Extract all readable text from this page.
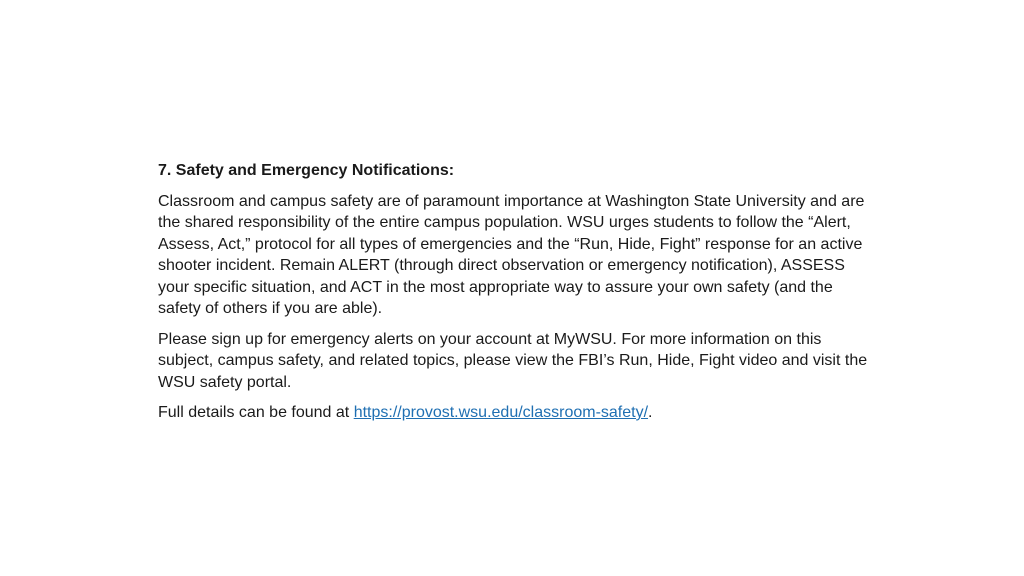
7. Safety and Emergency Notifications:

Classroom and campus safety are of paramount importance at Washington State University and are the shared responsibility of the entire campus population. WSU urges students to follow the “Alert, Assess, Act,” protocol for all types of emergencies and the “Run, Hide, Fight” response for an active shooter incident. Remain ALERT (through direct observation or emergency notification), ASSESS your specific situation, and ACT in the most appropriate way to assure your own safety (and the safety of others if you are able).

Please sign up for emergency alerts on your account at MyWSU. For more information on this subject, campus safety, and related topics, please view the FBI’s Run, Hide, Fight video and visit the WSU safety portal.

Full details can be found at https://provost.wsu.edu/classroom-safety/.
